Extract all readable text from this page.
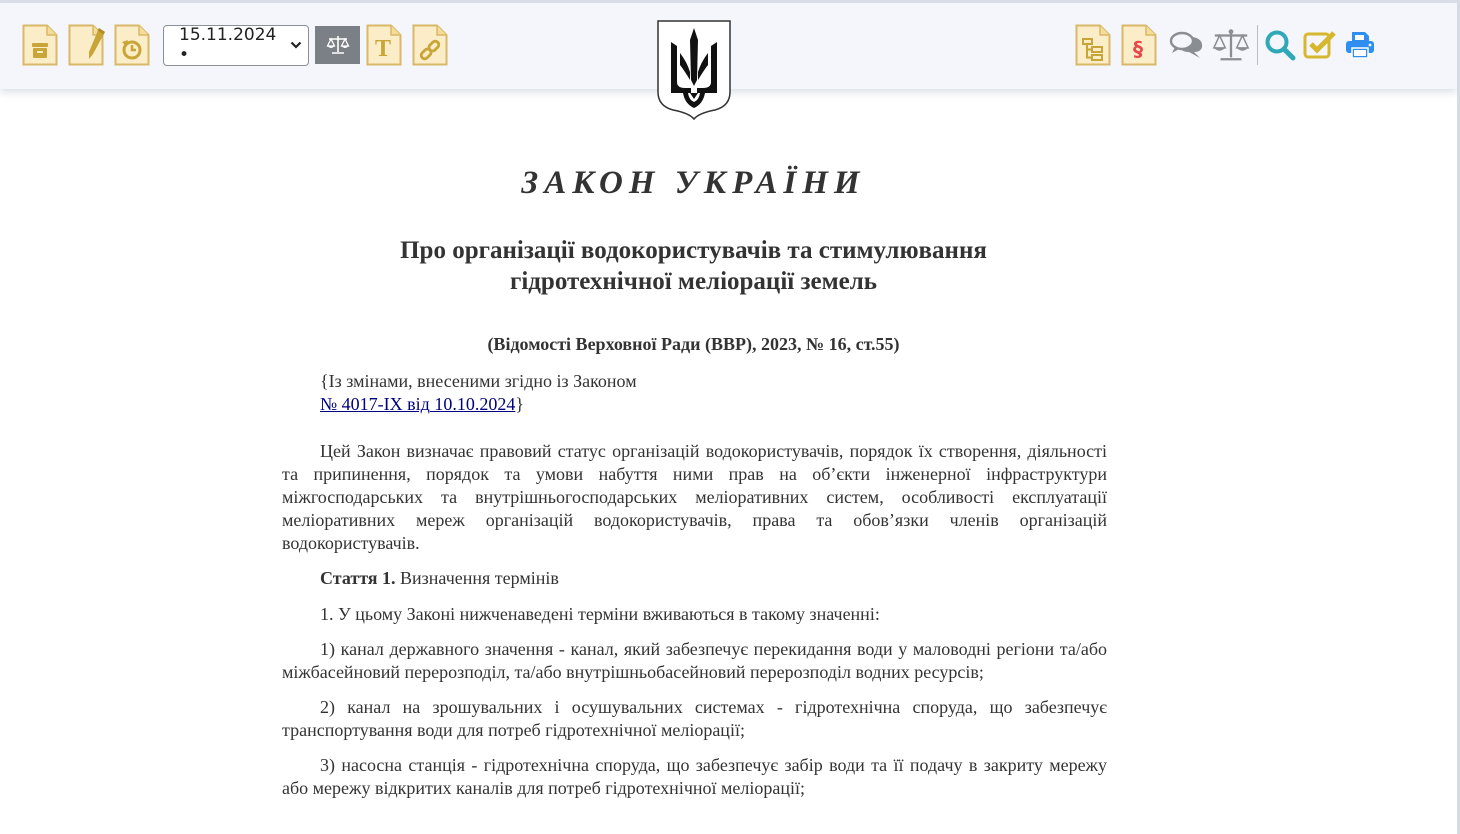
15.11.2024 •	T	§
ЗАКОН УКРАЇНИ
Про організації водокористувачів та стимулювання
гідротехнічної меліорації земель
(Відомості Верховної Ради (ВВР), 2023, № 16, ст.55)
{Із змінами, внесеними згідно із Законом
№ 4017-IX від 10.10.2024}

Цей Закон визначає правовий статус організацій водокористувачів, порядок їх створення, діяльності та припинення, порядок та умови набуття ними прав на об’єкти інженерної інфраструктури міжгосподарських та внутрішньогосподарських меліоративних систем, особливості експлуатації меліоративних мереж організацій водокористувачів, права та обов’язки членів організацій водокористувачів.

Стаття 1. Визначення термінів

1. У цьому Законі нижченаведені терміни вживаються в такому значенні:

1) канал державного значення - канал, який забезпечує перекидання води у маловодні регіони та/або міжбасейновий перерозподіл, та/або внутрішньобасейновий перерозподіл водних ресурсів;

2) канал на зрошувальних і осушувальних системах - гідротехнічна споруда, що забезпечує транспортування води для потреб гідротехнічної меліорації;

3) насосна станція - гідротехнічна споруда, що забезпечує забір води та її подачу в закриту мережу або мережу відкритих каналів для потреб гідротехнічної меліорації;
